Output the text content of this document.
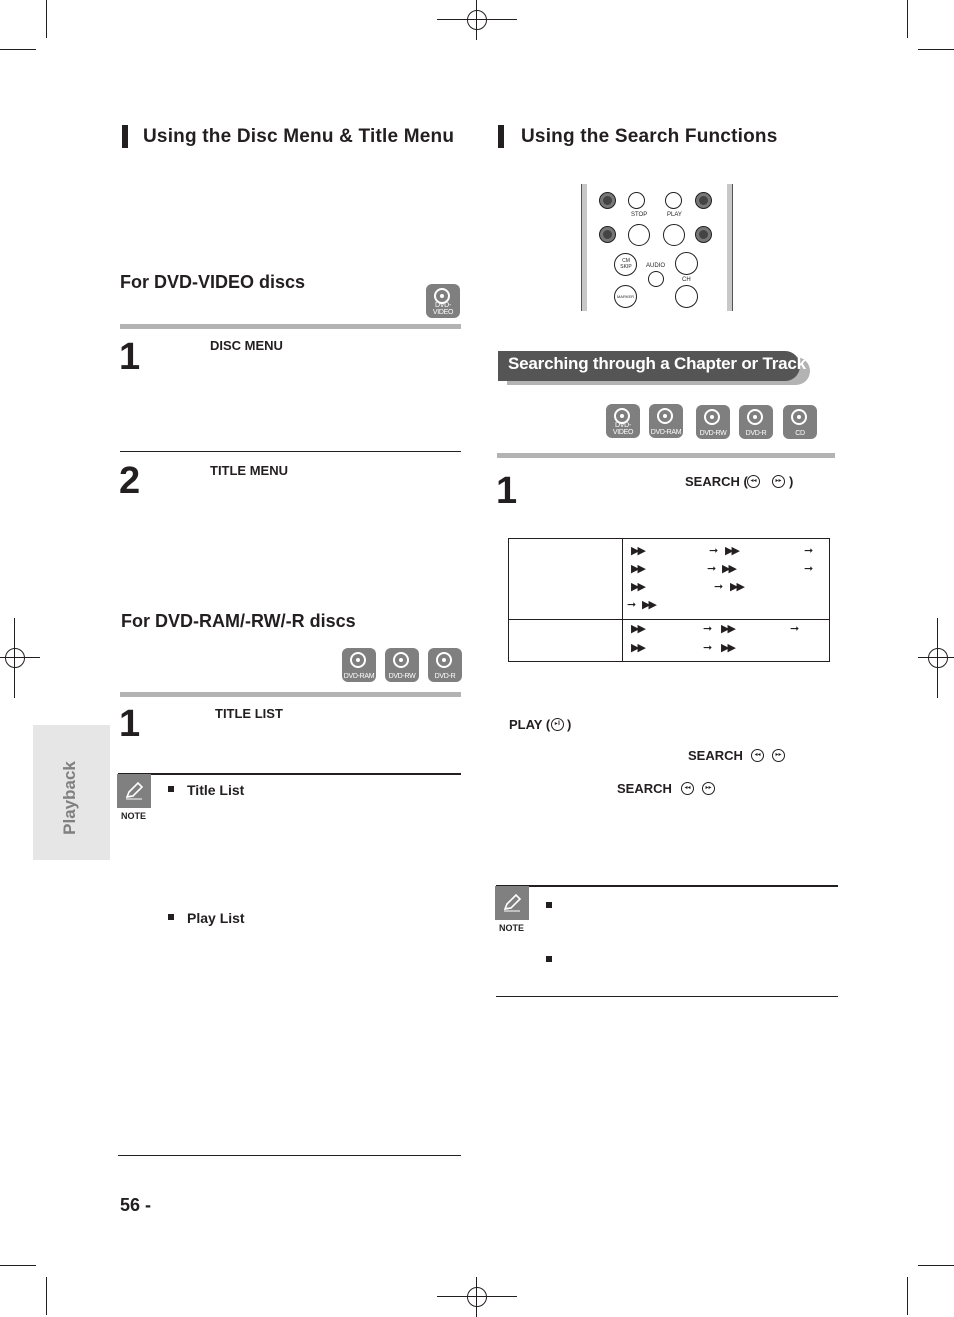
Playback
Using the Disc Menu & Title Menu
For DVD-VIDEO discs
DVD-VIDEO
1	DISC MENU
2	TITLE MENU
For DVD-RAM/-RW/-R discs
DVD-RAM	DVD-RW	DVD-R
1	TITLE LIST
NOTE
Title List
Play List
56 -
Using the Search Functions
STOP	PLAY
CM SKIP	AUDIO
CH
MARKER
Searching through a Chapter or Track
DVD-VIDEO	DVD-RAM	DVD-RW	DVD-R	CD
1	SEARCH ( ◂◂	▸▸ )
▶▶	➞ ▶▶	➞
▶▶	➞ ▶▶	➞
▶▶	➞ ▶▶
➞ ▶▶
▶▶	➞ ▶▶	➞
▶▶	➞ ▶▶
PLAY ( ▸ǁ )
SEARCH	◂◂	▸▸
SEARCH	◂◂	▸▸
NOTE
